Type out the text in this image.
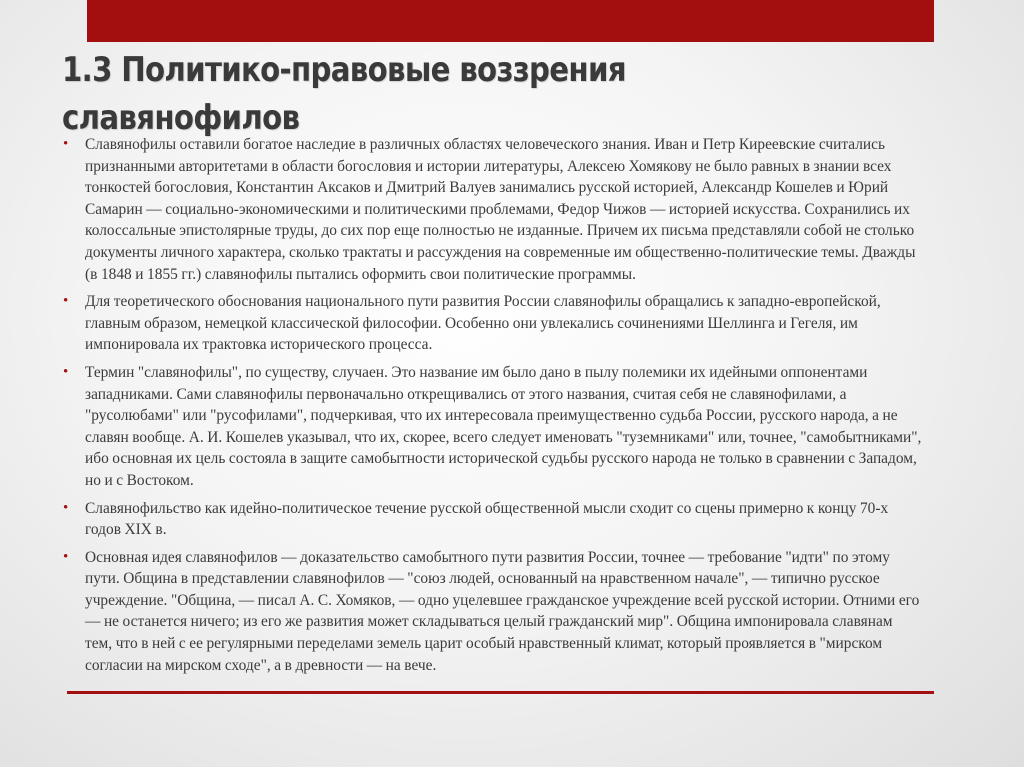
1.3 Политико-правовые воззрения
славянофилов
• Славянофилы оставили богатое наследие в различных областях человеческого знания. Иван и Петр Киреевские считались признанными авторитетами в области богословия и истории литературы, Алексею Хомякову не было равных в знании всех тонкостей богословия, Константин Аксаков и Дмитрий Валуев занимались русской историей, Александр Кошелев и Юрий Самарин — социально-экономическими и политическими проблемами, Федор Чижов — историей искусства. Сохранились их колоссальные эпистолярные труды, до сих пор еще полностью не изданные. Причем их письма представляли собой не столько документы личного характера, сколько трактаты и рассуждения на современные им общественно-политические темы. Дважды (в 1848 и 1855 гг.) славянофилы пытались оформить свои политические программы.
• Для теоретического обоснования национального пути развития России славянофилы обращались к западно-европейской, главным образом, немецкой классической философии. Особенно они увлекались сочинениями Шеллинга и Гегеля, им импонировала их трактовка исторического процесса.
• Термин "славянофилы", по существу, случаен. Это название им было дано в пылу полемики их идейными оппонентами западниками. Сами славянофилы первоначально открещивались от этого названия, считая себя не славянофилами, а "русолюбами" или "русофилами", подчеркивая, что их интересовала преимущественно судьба России, русского народа, а не славян вообще. А. И. Кошелев указывал, что их, скорее, всего следует именовать "туземниками" или, точнее, "самобытниками", ибо основная их цель состояла в защите самобытности исторической судьбы русского народа не только в сравнении с Западом, но и с Востоком.
• Славянофильство как идейно-политическое течение русской общественной мысли сходит со сцены примерно к концу 70-х годов XIX в.
• Основная идея славянофилов — доказательство самобытного пути развития России, точнее — требование "идти" по этому пути. Община в представлении славянофилов — "союз людей, основанный на нравственном начале", — типично русское учреждение. "Община, — писал А. С. Хомяков, — одно уцелевшее гражданское учреждение всей русской истории. Отними его — не останется ничего; из его же развития может складываться целый гражданский мир". Община импонировала славянам тем, что в ней с ее регулярными переделами земель царит особый нравственный климат, который проявляется в "мирском согласии на мирском сходе", а в древности — на вече.
